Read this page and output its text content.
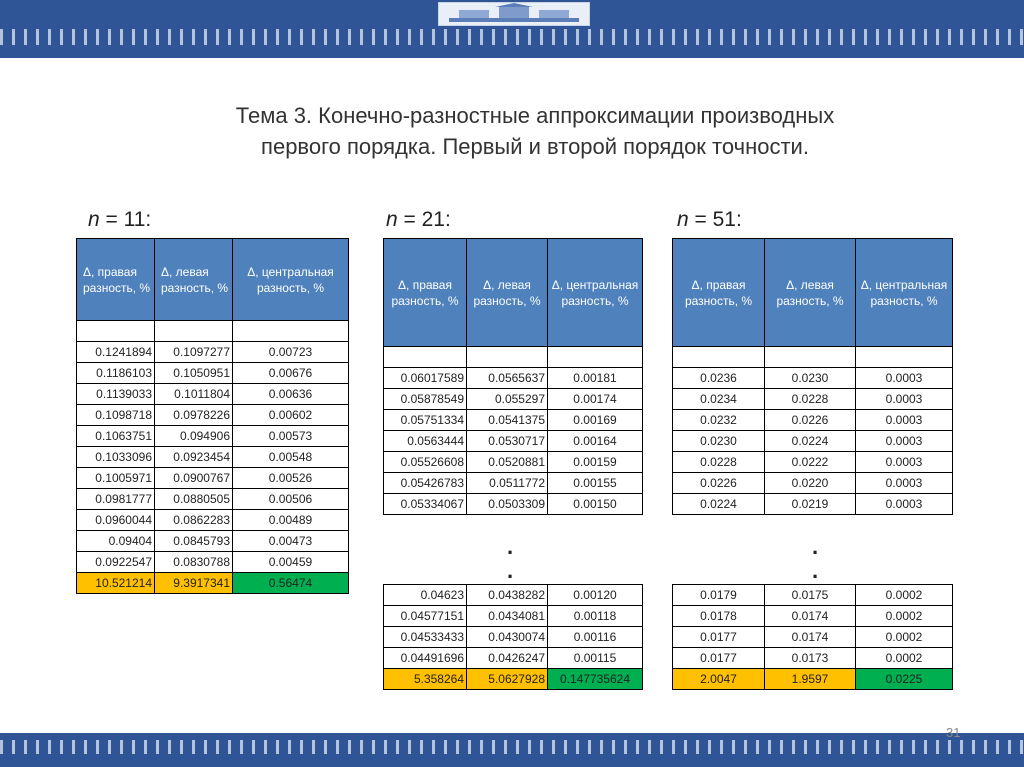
Тема 3. Конечно-разностные аппроксимации производных
первого порядка. Первый и второй порядок точности.
n = 11:
Δ, правая разность, %	Δ, левая разность, %	Δ, центральная разность, %

0.1241894	0.1097277	0.00723
0.1186103	0.1050951	0.00676
0.1139033	0.1011804	0.00636
0.1098718	0.0978226	0.00602
0.1063751	0.094906	0.00573
0.1033096	0.0923454	0.00548
0.1005971	0.0900767	0.00526
0.0981777	0.0880505	0.00506
0.0960044	0.0862283	0.00489
0.09404	0.0845793	0.00473
0.0922547	0.0830788	0.00459
10.521214	9.3917341	0.56474
n = 21:
Δ, правая разность, %	Δ, левая разность, %	Δ, центральная разность, %

0.06017589	0.0565637	0.00181
0.05878549	0.055297	0.00174
0.05751334	0.0541375	0.00169
0.0563444	0.0530717	0.00164
0.05526608	0.0520881	0.00159
0.05426783	0.0511772	0.00155
0.05334067	0.0503309	0.00150
.
.
0.04623	0.0438282	0.00120
0.04577151	0.0434081	0.00118
0.04533433	0.0430074	0.00116
0.04491696	0.0426247	0.00115
5.358264	5.0627928	0.147735624
n = 51:
Δ, правая разность, %	Δ, левая разность, %	Δ, центральная разность, %

0.0236	0.0230	0.0003
0.0234	0.0228	0.0003
0.0232	0.0226	0.0003
0.0230	0.0224	0.0003
0.0228	0.0222	0.0003
0.0226	0.0220	0.0003
0.0224	0.0219	0.0003
.
.
0.0179	0.0175	0.0002
0.0178	0.0174	0.0002
0.0177	0.0174	0.0002
0.0177	0.0173	0.0002
2.0047	1.9597	0.0225
31
